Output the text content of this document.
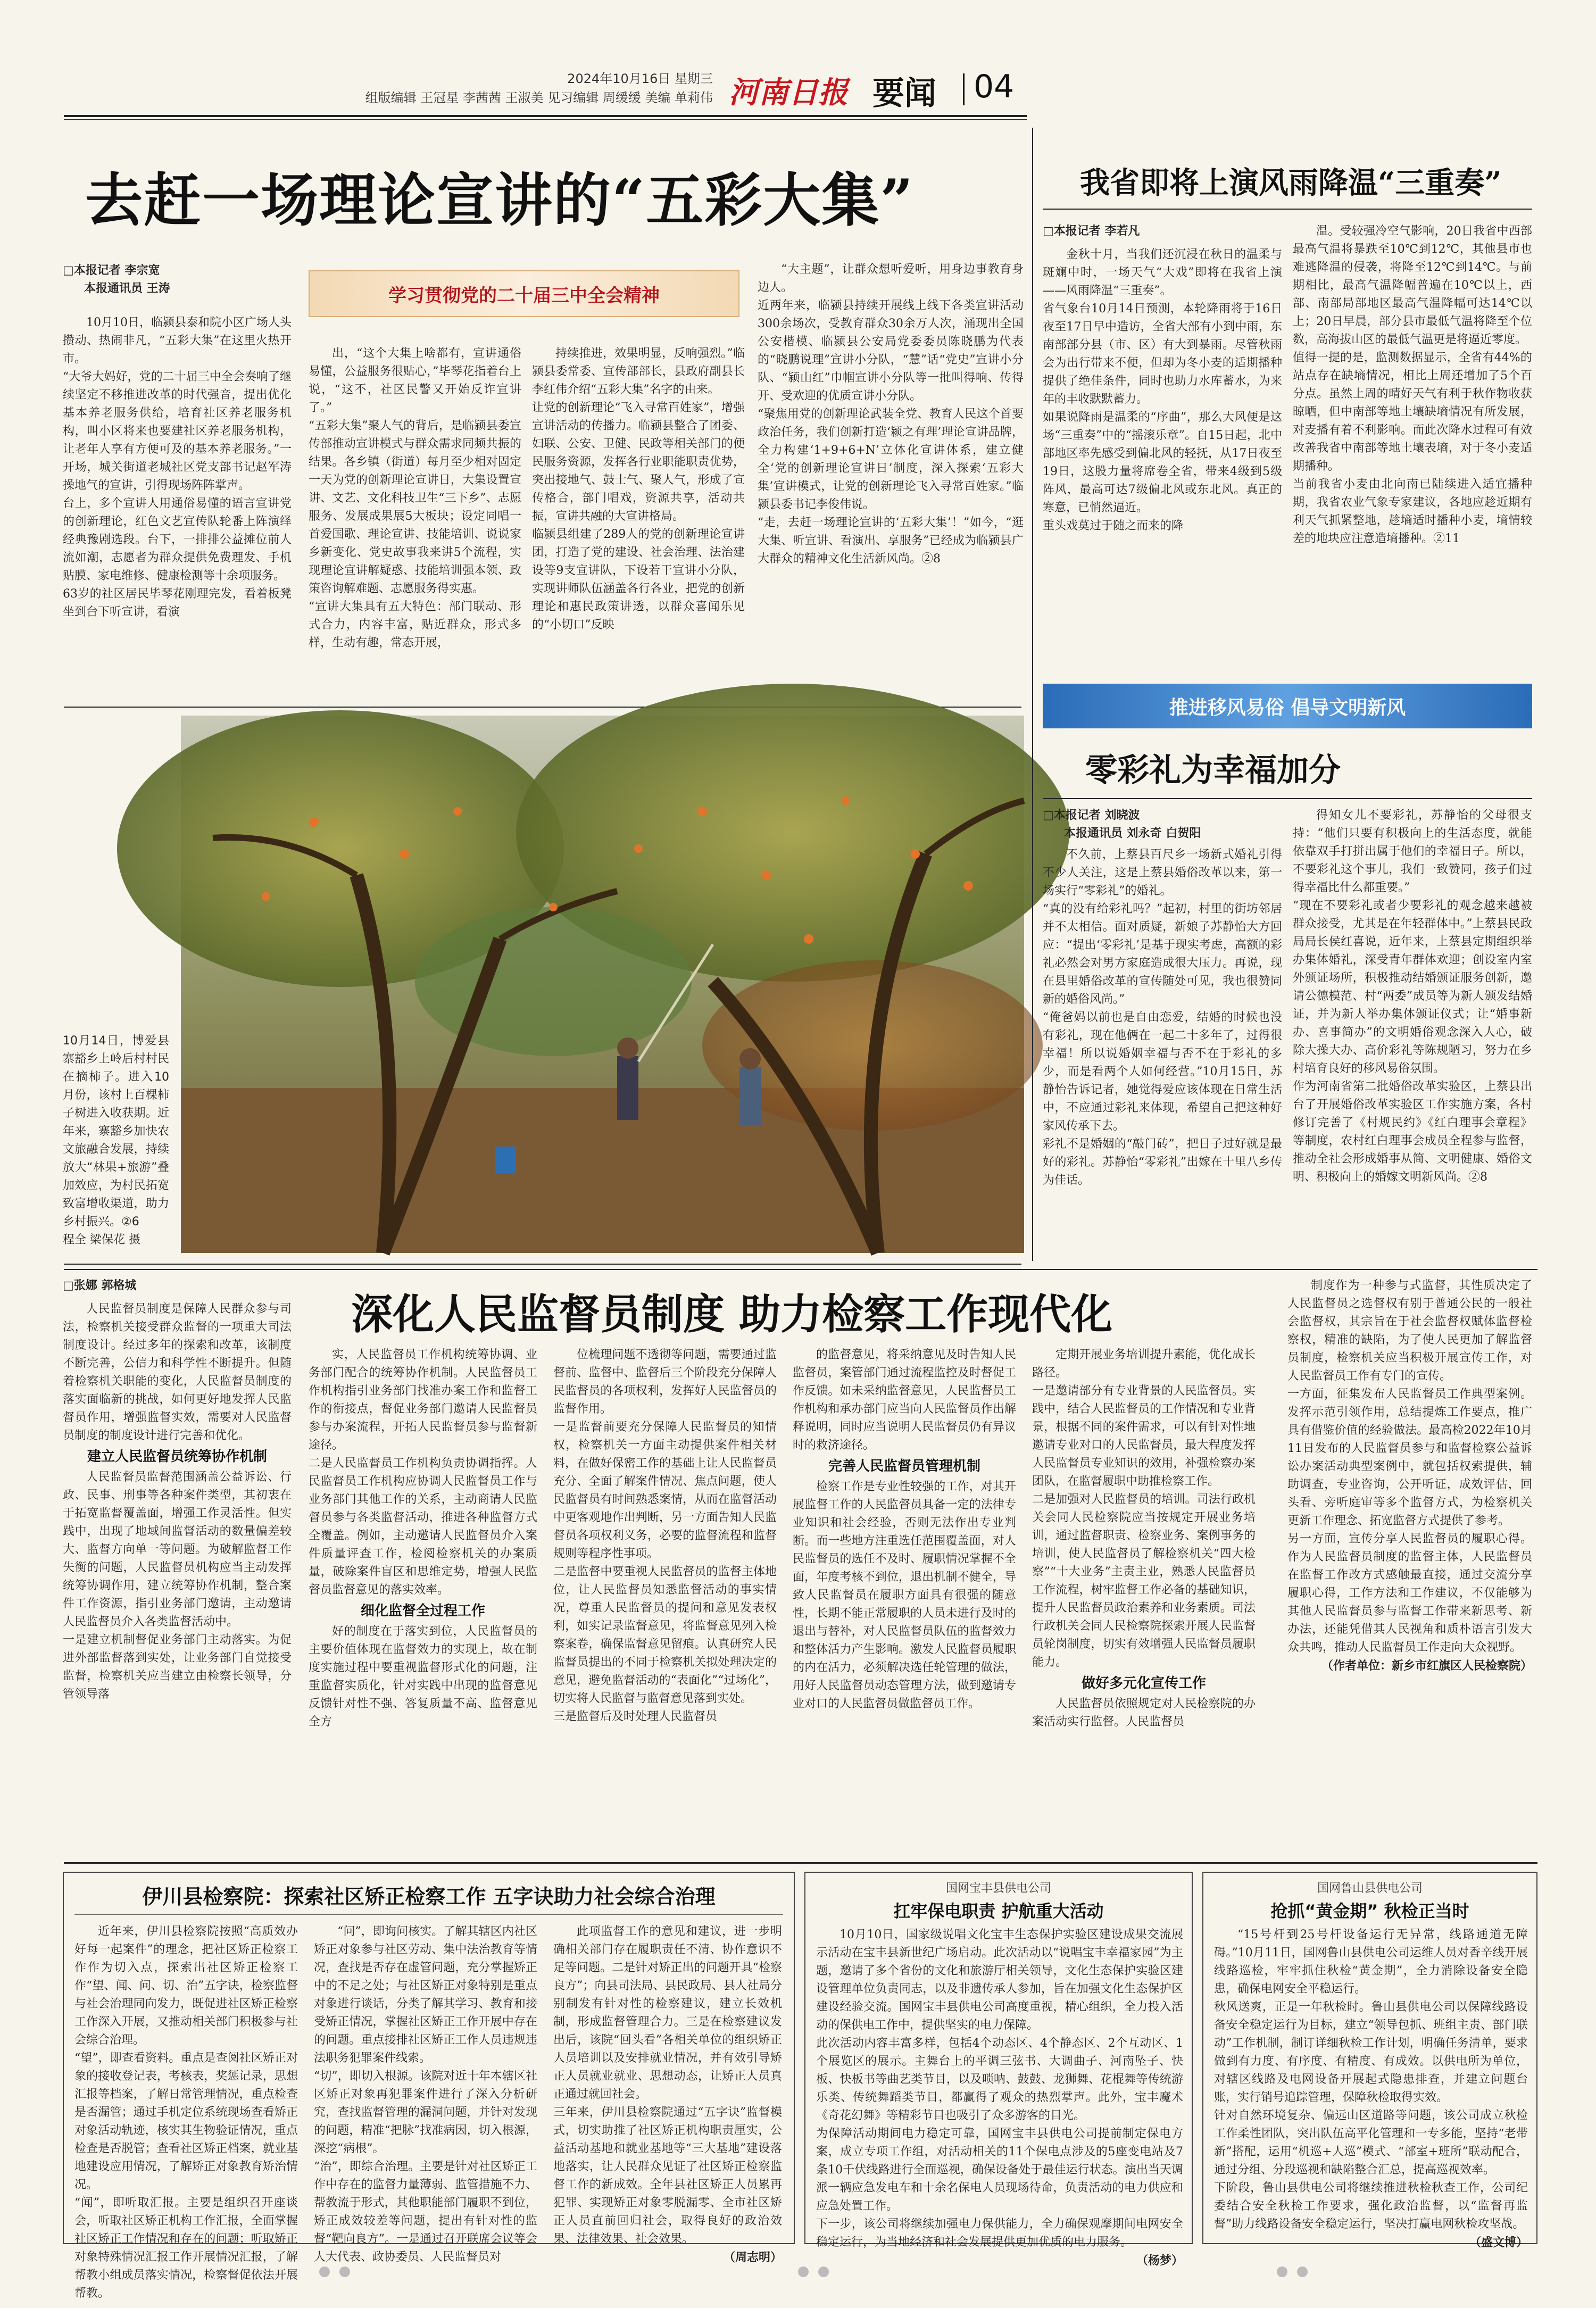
2024年10月16日 星期三
组版编辑 王冠星 李茜茜 王淑美 见习编辑 周缓缓 美编 单莉伟 河南日报 要闻 04
去赶一场理论宣讲的“五彩大集”
□本报记者 李宗宽
本报通讯员 王涛	学习贯彻党的二十届三中全会精神
10月10日，临颍县泰和院小区广场人头攒动、热闹非凡，“五彩大集”在这里火热开市。
“大爷大妈好，党的二十届三中全会奏响了继续坚定不移推进改革的时代强音，提出优化基本养老服务供给，培育社区养老服务机构，叫小区将来也要建社区养老服务机构，让老年人享有方便可及的基本养老服务。”一开场，城关街道老城社区党支部书记赵军涛操地气的宣讲，引得现场阵阵掌声。
台上，多个宣讲人用通俗易懂的语言宣讲党的创新理论，红色文艺宣传队轮番上阵演绎经典豫剧选段。台下，一排排公益摊位前人流如潮，志愿者为群众提供免费理发、手机贴膜、家电维修、健康检测等十余项服务。
63岁的社区居民毕琴花刚理完发，看着板凳坐到台下听宣讲，看演
出，“这个大集上啥都有，宣讲通俗易懂，公益服务很贴心，”毕琴花指着台上说，“这不，社区民警又开始反诈宣讲了。”
“五彩大集”聚人气的背后，是临颍县委宣传部推动宣讲模式与群众需求同频共振的结果。各乡镇（街道）每月至少相对固定一天为党的创新理论宣讲日，大集设置宣讲、文艺、文化科技卫生“三下乡”、志愿服务、发展成果展5大板块；设定同唱一首爱国歌、理论宣讲、技能培训、说说家乡新变化、党史故事我来讲5个流程，实现理论宣讲解疑惑、技能培训强本领、政策咨询解难题、志愿服务得实惠。
“宣讲大集具有五大特色：部门联动、形式合力，内容丰富，贴近群众，形式多样，生动有趣，常态开展，
持续推进，效果明显，反响强烈。”临颍县委常委、宣传部部长，县政府副县长李红伟介绍“五彩大集”名字的由来。
让党的创新理论“飞入寻常百姓家”，增强宣讲活动的传播力。临颍县整合了团委、妇联、公安、卫健、民政等相关部门的便民服务资源，发挥各行业职能职责优势，突出接地气、鼓士气、聚人气，形成了宣传格合，部门唱戏，资源共享，活动共振，宣讲共融的大宣讲格局。
临颍县组建了289人的党的创新理论宣讲团，打造了党的建设、社会治理、法治建设等9支宣讲队，下设若干宣讲小分队，实现讲师队伍涵盖各行各业，把党的创新理论和惠民政策讲透，以群众喜闻乐见的“小切口”反映
“大主题”，让群众想听爱听，用身边事教育身边人。
近两年来，临颍县持续开展线上线下各类宣讲活动300余场次，受教育群众30余万人次，涌现出全国公安楷模、临颍县公安局党委委员陈晓鹏为代表的“晓鹏说理”宣讲小分队，“慧”话“党史”宣讲小分队、“颍山红”巾帼宣讲小分队等一批叫得响、传得开、受欢迎的优质宣讲小分队。
“聚焦用党的创新理论武装全党、教育人民这个首要政治任务，我们创新打造‘颍之有理’理论宣讲品牌，全力构建‘1+9+6+N’立体化宣讲体系，建立健全‘党的创新理论宣讲日’制度，深入探索‘五彩大集’宣讲模式，让党的创新理论飞入寻常百姓家。”临颍县委书记李俊伟说。
“走，去赶一场理论宣讲的‘五彩大集’！”如今，“逛大集、听宣讲、看演出、享服务”已经成为临颍县广大群众的精神文化生活新风尚。②8
10月14日，博爱县寨豁乡上岭后村村民在摘柿子。进入10月份，该村上百棵柿子树进入收获期。近年来，寨豁乡加快农文旅融合发展，持续放大“林果+旅游”叠加效应，为村民拓宽致富增收渠道，助力乡村振兴。②6
程全 梁保花 摄
我省即将上演风雨降温“三重奏”
□本报记者 李若凡
金秋十月，当我们还沉浸在秋日的温柔与斑斓中时，一场天气“大戏”即将在我省上演——风雨降温“三重奏”。
省气象台10月14日预测，本轮降雨将于16日夜至17日早中造访，全省大部有小到中雨，东南部部分县（市、区）有大到暴雨。尽管秋雨会为出行带来不便，但却为冬小麦的适期播种提供了绝佳条件，同时也助力水库蓄水，为来年的丰收默默蓄力。
如果说降雨是温柔的“序曲”，那么大风便是这场“三重奏”中的“摇滚乐章”。自15日起，北中部地区率先感受到偏北风的轻抚，从17日夜至19日，这股力量将席卷全省，带来4级到5级阵风，最高可达7级偏北风或东北风。真正的寒意，已悄然逼近。
重头戏莫过于随之而来的降
温。受较强冷空气影响，20日我省中西部最高气温将暴跌至10℃到12℃，其他县市也难逃降温的侵袭，将降至12℃到14℃。与前期相比，最高气温降幅普遍在10℃以上，西部、南部局部地区最高气温降幅可达14℃以上；20日早晨，部分县市最低气温将降至个位数，高海拔山区的最低气温更是将逼近零度。
值得一提的是，监测数据显示，全省有44%的站点存在缺墒情况，相比上周还增加了5个百分点。虽然上周的晴好天气有利于秋作物收获晾晒，但中南部等地土壤缺墒情况有所发展，对麦播有着不利影响。而此次降水过程可有效改善我省中南部等地土壤表墒，对于冬小麦适期播种。
当前我省小麦由北向南已陆续进入适宜播种期，我省农业气象专家建议，各地应趁近期有利天气抓紧整地，趁墒适时播种小麦，墒情较差的地块应注意造墒播种。②11
推进移风易俗 倡导文明新风
零彩礼为幸福加分
□本报记者 刘晓波
本报通讯员 刘永奇 白贺阳
不久前，上蔡县百尺乡一场新式婚礼引得不少人关注，这是上蔡县婚俗改革以来，第一场实行“零彩礼”的婚礼。
“真的没有给彩礼吗？”起初，村里的街坊邻居并不太相信。面对质疑，新娘子苏静怡大方回应：“提出‘零彩礼’是基于现实考虑，高额的彩礼必然会对男方家庭造成很大压力。再说，现在县里婚俗改革的宣传随处可见，我也很赞同新的婚俗风尚。”
“俺爸妈以前也是自由恋爱，结婚的时候也没有彩礼，现在他俩在一起二十多年了，过得很幸福！所以说婚姻幸福与否不在于彩礼的多少，而是看两个人如何经营。”10月15日，苏静怡告诉记者，她觉得爱应该体现在日常生活中，不应通过彩礼来体现，希望自己把这种好家风传承下去。
彩礼不是婚姻的“敲门砖”，把日子过好就是最好的彩礼。苏静怡“零彩礼”出嫁在十里八乡传为佳话。
得知女儿不要彩礼，苏静怡的父母很支持：“他们只要有积极向上的生活态度，就能依靠双手打拼出属于他们的幸福日子。所以，不要彩礼这个事儿，我们一致赞同，孩子们过得幸福比什么都重要。”
“现在不要彩礼或者少要彩礼的观念越来越被群众接受，尤其是在年轻群体中。”上蔡县民政局局长侯红喜说，近年来，上蔡县定期组织举办集体婚礼，深受青年群体欢迎；创设室内室外颁证场所，积极推动结婚颁证服务创新，邀请公德模范、村“两委”成员等为新人颁发结婚证，并为新人举办集体颁证仪式；让“婚事新办、喜事简办”的文明婚俗观念深入人心，破除大操大办、高价彩礼等陈规陋习，努力在乡村培育良好的移风易俗氛围。
作为河南省第二批婚俗改革实验区，上蔡县出台了开展婚俗改革实验区工作实施方案，各村修订完善了《村规民约》《红白理事会章程》等制度，农村红白理事会成员全程参与监督，推动全社会形成婚事从简、文明健康、婚俗文明、积极向上的婚嫁文明新风尚。②8
□张娜 郭格城
深化人民监督员制度 助力检察工作现代化
人民监督员制度是保障人民群众参与司法，检察机关接受群众监督的一项重大司法制度设计。经过多年的探索和改革，该制度不断完善，公信力和科学性不断提升。但随着检察机关职能的变化，人民监督员制度的落实面临新的挑战，如何更好地发挥人民监督员作用，增强监督实效，需要对人民监督员制度的制度设计进行完善和优化。
建立人民监督员统筹协作机制
人民监督员监督范围涵盖公益诉讼、行政、民事、刑事等各种案件类型，其初衷在于拓宽监督覆盖面，增强工作灵活性。但实践中，出现了地域间监督活动的数量偏差较大、监督方向单一等问题。为破解监督工作失衡的问题，人民监督员机构应当主动发挥统筹协调作用，建立统筹协作机制，整合案件工作资源，指引业务部门邀请，主动邀请人民监督员介入各类监督活动中。
一是建立机制督促业务部门主动落实。为促进外部监督落到实处，让业务部门自觉接受监督，检察机关应当建立由检察长领导，分管领导落
实，人民监督员工作机构统筹协调、业务部门配合的统筹协作机制。人民监督员工作机构指引业务部门找准办案工作和监督工作的衔接点，督促业务部门邀请人民监督员参与办案流程，开拓人民监督员参与监督新途径。
二是人民监督员工作机构负责协调指挥。人民监督员工作机构应协调人民监督员工作与业务部门其他工作的关系，主动商请人民监督员参与各类监督活动，推进各种监督方式全覆盖。例如，主动邀请人民监督员介入案件质量评查工作，检阅检察机关的办案质量，破除案件盲区和思维定势，增强人民监督员监督意见的落实效率。
细化监督全过程工作
好的制度在于落实到位，人民监督员的主要价值体现在监督效力的实现上，故在制度实施过程中要重视监督形式化的问题，注重监督实质化，针对实践中出现的监督意见反馈针对性不强、答复质量不高、监督意见全方
位梳理问题不透彻等问题，需要通过监督前、监督中、监督后三个阶段充分保障人民监督员的各项权利，发挥好人民监督员的监督作用。
一是监督前要充分保障人民监督员的知情权，检察机关一方面主动提供案件相关材料，在做好保密工作的基础上让人民监督员充分、全面了解案件情况、焦点问题，使人民监督员有时间熟悉案情，从而在监督活动中更客观地作出判断，另一方面告知人民监督员各项权利义务，必要的监督流程和监督规则等程序性事项。
二是监督中要重视人民监督员的监督主体地位，让人民监督员知悉监督活动的事实情况，尊重人民监督员的提问和意见发表权利，如实记录监督意见，将监督意见列入检察案卷，确保监督意见留痕。认真研究人民监督员提出的不同于检察机关拟处理决定的意见，避免监督活动的“表面化”“过场化”，切实将人民监督与监督意见落到实处。
三是监督后及时处理人民监督员
的监督意见，将采纳意见及时告知人民监督员，案管部门通过流程监控及时督促工作反馈。如未采纳监督意见，人民监督员工作机构和承办部门应当向人民监督员作出解释说明，同时应当说明人民监督员仍有异议时的救济途径。
完善人民监督员管理机制
检察工作是专业性较强的工作，对其开展监督工作的人民监督员具备一定的法律专业知识和社会经验，否则无法作出专业判断。而一些地方注重选任范围覆盖面，对人民监督员的选任不及时、履职情况掌握不全面，年度考核不到位，退出机制不健全，导致人民监督员在履职方面具有很强的随意性，长期不能正常履职的人员未进行及时的退出与替补，对人民监督员队伍的监督效力和整体活力产生影响。激发人民监督员履职的内在活力，必须解决选任轮管理的做法，用好人民监督员动态管理方法，做到邀请专业对口的人民监督员做监督员工作。
定期开展业务培训提升素能，优化成长路径。
一是邀请部分有专业背景的人民监督员。实践中，结合人民监督员的工作情况和专业背景，根据不同的案件需求，可以有针对性地邀请专业对口的人民监督员，最大程度发挥人民监督员专业知识的效用，补强检察办案团队，在监督履职中助推检察工作。
二是加强对人民监督员的培训。司法行政机关会同人民检察院应当按规定开展业务培训，通过监督职责、检察业务、案例事务的培训，使人民监督员了解检察机关“四大检察”“十大业务”主责主业，熟悉人民监督员工作流程，树牢监督工作必备的基础知识，提升人民监督员政治素养和业务素质。司法行政机关会同人民检察院探索开展人民监督员轮岗制度，切实有效增强人民监督员履职能力。
做好多元化宣传工作
人民监督员依照规定对人民检察院的办案活动实行监督。人民监督员
制度作为一种参与式监督，其性质决定了人民监督员之选督权有别于普通公民的一般社会监督权，其宗旨在于社会监督权赋体监督检察权，精准的缺陷，为了使人民更加了解监督员制度，检察机关应当积极开展宣传工作，对人民监督员工作有专门的宣传。
一方面，征集发布人民监督员工作典型案例。发挥示范引领作用，总结提炼工作要点，推广具有借鉴价值的经验做法。最高检2022年10月11日发布的人民监督员参与和监督检察公益诉讼办案活动典型案例中，就包括权索提供，辅助调查，专业咨询，公开听证，成效评估，回头看、旁听庭审等多个监督方式，为检察机关更新工作理念、拓宽监督方式提供了参考。
另一方面，宣传分享人民监督员的履职心得。作为人民监督员制度的监督主体，人民监督员在监督工作改方式感触最直接，通过交流分享履职心得，工作方法和工作建议，不仅能够为其他人民监督员参与监督工作带来新思考、新办法，还能凭借其人民视角和质朴语言引发大众共鸣，推动人民监督员工作走向大众视野。
（作者单位：新乡市红旗区人民检察院）
伊川县检察院：探索社区矫正检察工作 五字诀助力社会综合治理
近年来，伊川县检察院按照“高质效办好每一起案件”的理念，把社区矫正检察工作作为切入点，探索出社区矫正检察工作“望、闻、问、切、治”五字诀，检察监督与社会治理同向发力，既促进社区矫正检察工作深入开展，又推动相关部门积极参与社会综合治理。
“望”，即查看资料。重点是查阅社区矫正对象的接收登记表，考核表，奖惩记录，思想汇报等档案，了解日常管理情况，重点检查是否漏管；通过手机定位系统现场查看矫正对象活动轨迹，核实其生物验证情况，重点检查是否脱管；查看社区矫正档案，就业基地建设应用情况，了解矫正对象教育矫治情况。
“闻”，即听取汇报。主要是组织召开座谈会，听取社区矫正机构工作汇报，全面掌握社区矫正工作情况和存在的问题；听取矫正对象特殊情况汇报工作开展情况汇报，了解帮教小组成员落实情况，检察督促依法开展帮教。
“问”，即询问核实。了解其辖区内社区矫正对象参与社区劳动、集中法治教育等情况，查找是否存在虚管问题，充分掌握矫正中的不足之处；与社区矫正对象特别是重点对象进行谈话，分类了解其学习、教育和接受矫正情况，掌握社区矫正工作开展中存在的问题。重点接排社区矫正工作人员违规违法职务犯罪案件线索。
“切”，即切入根源。该院对近十年本辖区社区矫正对象再犯罪案件进行了深入分析研究，查找监督管理的漏洞问题，并针对发现的问题，精准“把脉”找准病因，切入根源，深挖“病根”。
“治”，即综合治理。主要是针对社区矫正工作中存在的监督力量薄弱、监管措施不力、帮教流于形式，其他职能部门履职不到位，矫正成效较差等问题，提出有针对性的监督“靶向良方”。一是通过召开联席会议等会人大代表、政协委员、人民监督员对
此项监督工作的意见和建议，进一步明确相关部门存在履职责任不清、协作意识不足等问题。二是针对矫正出的问题开具“检察良方”；向县司法局、县民政局、县人社局分别制发有针对性的检察建议，建立长效机制，形成监督管理合力。三是在检察建议发出后，该院“回头看”各相关单位的组织矫正人员培训以及安排就业情况，并有效引导矫正人员就业就业、思想动态，让矫正人员真正通过就回社会。
三年来，伊川县检察院通过“五字诀”监督模式，切实助推了社区矫正机构职责厘实，公益活动基地和就业基地等“三大基地”建设落地落实，让人民群众见证了社区矫正检察监督工作的新成效。全年县社区矫正人员累再犯罪、实现矫正对象零脱漏零、全市社区矫正人员直前回归社会，取得良好的政治效果、法律效果、社会效果。
（周志明）
国网宝丰县供电公司
扛牢保电职责 护航重大活动
10月10日，国家级说唱文化宝丰生态保护实验区建设成果交流展示活动在宝丰县新世纪广场启动。此次活动以“说唱宝丰幸福家园”为主题，邀请了多个省份的文化和旅游厅相关领导，文化生态保护实验区建设管理单位负责同志，以及非遗传承人参加，旨在加强文化生态保护区建设经验交流。国网宝丰县供电公司高度重视，精心组织，全力投入活动的保供电工作中，提供坚实的电力保障。
此次活动内容丰富多样，包括4个动态区、4个静态区、2个互动区、1个展览区的展示。主舞台上的平调三弦书、大调曲子、河南坠子、快板、快板书等曲艺类节目，以及唢呐、鼓鼓、龙狮舞、花棍舞等传统游乐类、传统舞蹈类节目，都赢得了观众的热烈掌声。此外，宝丰魔术《奇花幻舞》等精彩节目也吸引了众多游客的目光。
为保障活动期间电力稳定可靠，国网宝丰县供电公司提前制定保电方案，成立专项工作组，对活动相关的11个保电点涉及的5座变电站及7条10千伏线路进行全面巡视，确保设备处于最佳运行状态。演出当天调派一辆应急发电车和十余名保电人员现场待命，负责活动的电力供应和应急处置工作。
下一步，该公司将继续加强电力保供能力，全力确保观摩期间电网安全稳定运行，为当地经济和社会发展提供更加优质的电力服务。
（杨梦）
国网鲁山县供电公司
抢抓“黄金期” 秋检正当时
“15号杆到25号杆设备运行无异常，线路通道无障碍。”10月11日，国网鲁山县供电公司运维人员对香辛线开展线路巡检，牢牢抓住秋检“黄金期”，全力消除设备安全隐患，确保电网安全平稳运行。
秋风送爽，正是一年秋检时。鲁山县供电公司以保障线路设备安全稳定运行为目标，建立“领导包抓、班组主责、部门联动”工作机制，制订详细秋检工作计划，明确任务清单，要求做到有力度、有序度、有精度、有成效。以供电所为单位，对辖区线路及电网设备开展起式隐患排查，并建立问题台账，实行销号追踪管理，保障秋检取得实效。
针对自然环境复杂、偏远山区道路等问题，该公司成立秋检工作柔性团队，突出队伍高平化管理和一专多能，坚持“老带新”搭配，运用“机巡+人巡”模式、“部室+班所”联动配合，通过分组、分段巡视和缺陷整合汇总，提高巡视效率。
下阶段，鲁山县供电公司将继续推进秋检秋查工作，公司纪委结合安全秋检工作要求，强化政治监督，以“监督再监督”助力线路设备安全稳定运行，坚决打赢电网秋检攻坚战。
（盛文博）
